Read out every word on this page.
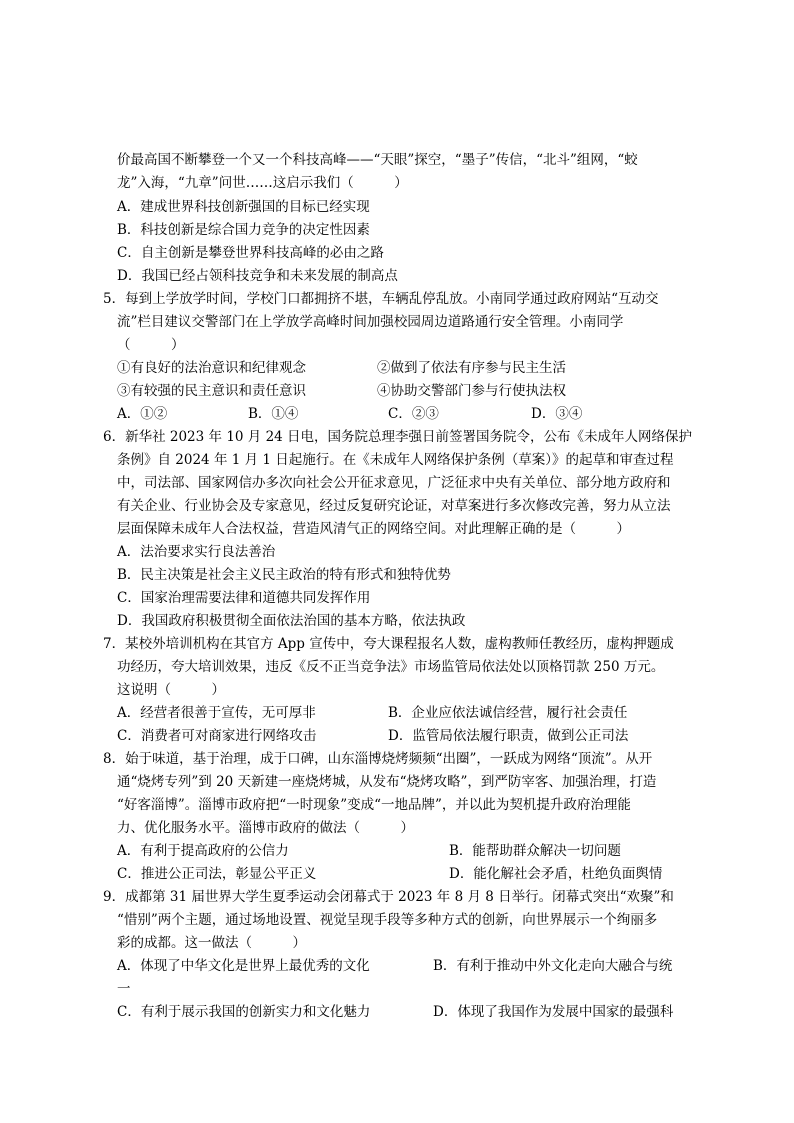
价最高国不断攀登一个又一个科技高峰——“天眼”探空，“墨子”传信，“北斗”组网，“蛟
龙”入海，“九章”问世……这启示我们（　　　）
A．建成世界科技创新强国的目标已经实现
B．科技创新是综合国力竞争的决定性因素
C．自主创新是攀登世界科技高峰的必由之路
D．我国已经占领科技竞争和未来发展的制高点
5．每到上学放学时间，学校门口都拥挤不堪，车辆乱停乱放。小南同学通过政府网站“互动交
流”栏目建议交警部门在上学放学高峰时间加强校园周边道路通行安全管理。小南同学
（　　　）
①有良好的法治意识和纪律观念	②做到了依法有序参与民主生活
③有较强的民主意识和责任意识	④协助交警部门参与行使执法权
A．①②	B．①④	C．②③	D．③④
6．新华社 2023 年 10 月 24 日电，国务院总理李强日前签署国务院令，公布《未成年人网络保护
条例》自 2024 年 1 月 1 日起施行。在《未成年人网络保护条例（草案）》的起草和审查过程
中，司法部、国家网信办多次向社会公开征求意见，广泛征求中央有关单位、部分地方政府和
有关企业、行业协会及专家意见，经过反复研究论证，对草案进行多次修改完善，努力从立法
层面保障未成年人合法权益，营造风清气正的网络空间。对此理解正确的是（　　　）
A．法治要求实行良法善治
B．民主决策是社会主义民主政治的特有形式和独特优势
C．国家治理需要法律和道德共同发挥作用
D．我国政府积极贯彻全面依法治国的基本方略，依法执政
7．某校外培训机构在其官方 App 宣传中，夸大课程报名人数，虚构教师任教经历，虚构押题成
功经历，夸大培训效果，违反《反不正当竞争法》市场监管局依法处以顶格罚款 250 万元。
这说明（　　　）
A．经营者很善于宣传，无可厚非	B．企业应依法诚信经营，履行社会责任
C．消费者可对商家进行网络攻击	D．监管局依法履行职责，做到公正司法
8．始于味道，基于治理，成于口碑，山东淄博烧烤频频“出圈”，一跃成为网络“顶流”。从开
通“烧烤专列”到 20 天新建一座烧烤城，从发布“烧烤攻略”，到严防宰客、加强治理，打造
“好客淄博”。淄博市政府把“一时现象”变成“一地品牌”，并以此为契机提升政府治理能
力、优化服务水平。淄博市政府的做法（　　　）
A．有利于提高政府的公信力	B．能帮助群众解决一切问题
C．推进公正司法，彰显公平正义	D．能化解社会矛盾，杜绝负面舆情
9．成都第 31 届世界大学生夏季运动会闭幕式于 2023 年 8 月 8 日举行。闭幕式突出“欢聚”和
“惜别”两个主题，通过场地设置、视觉呈现手段等多种方式的创新，向世界展示一个绚丽多
彩的成都。这一做法（　　　）
A．体现了中华文化是世界上最优秀的文化	B．有利于推动中外文化走向大融合与统
一
C．有利于展示我国的创新实力和文化魅力	D．体现了我国作为发展中国家的最强科
